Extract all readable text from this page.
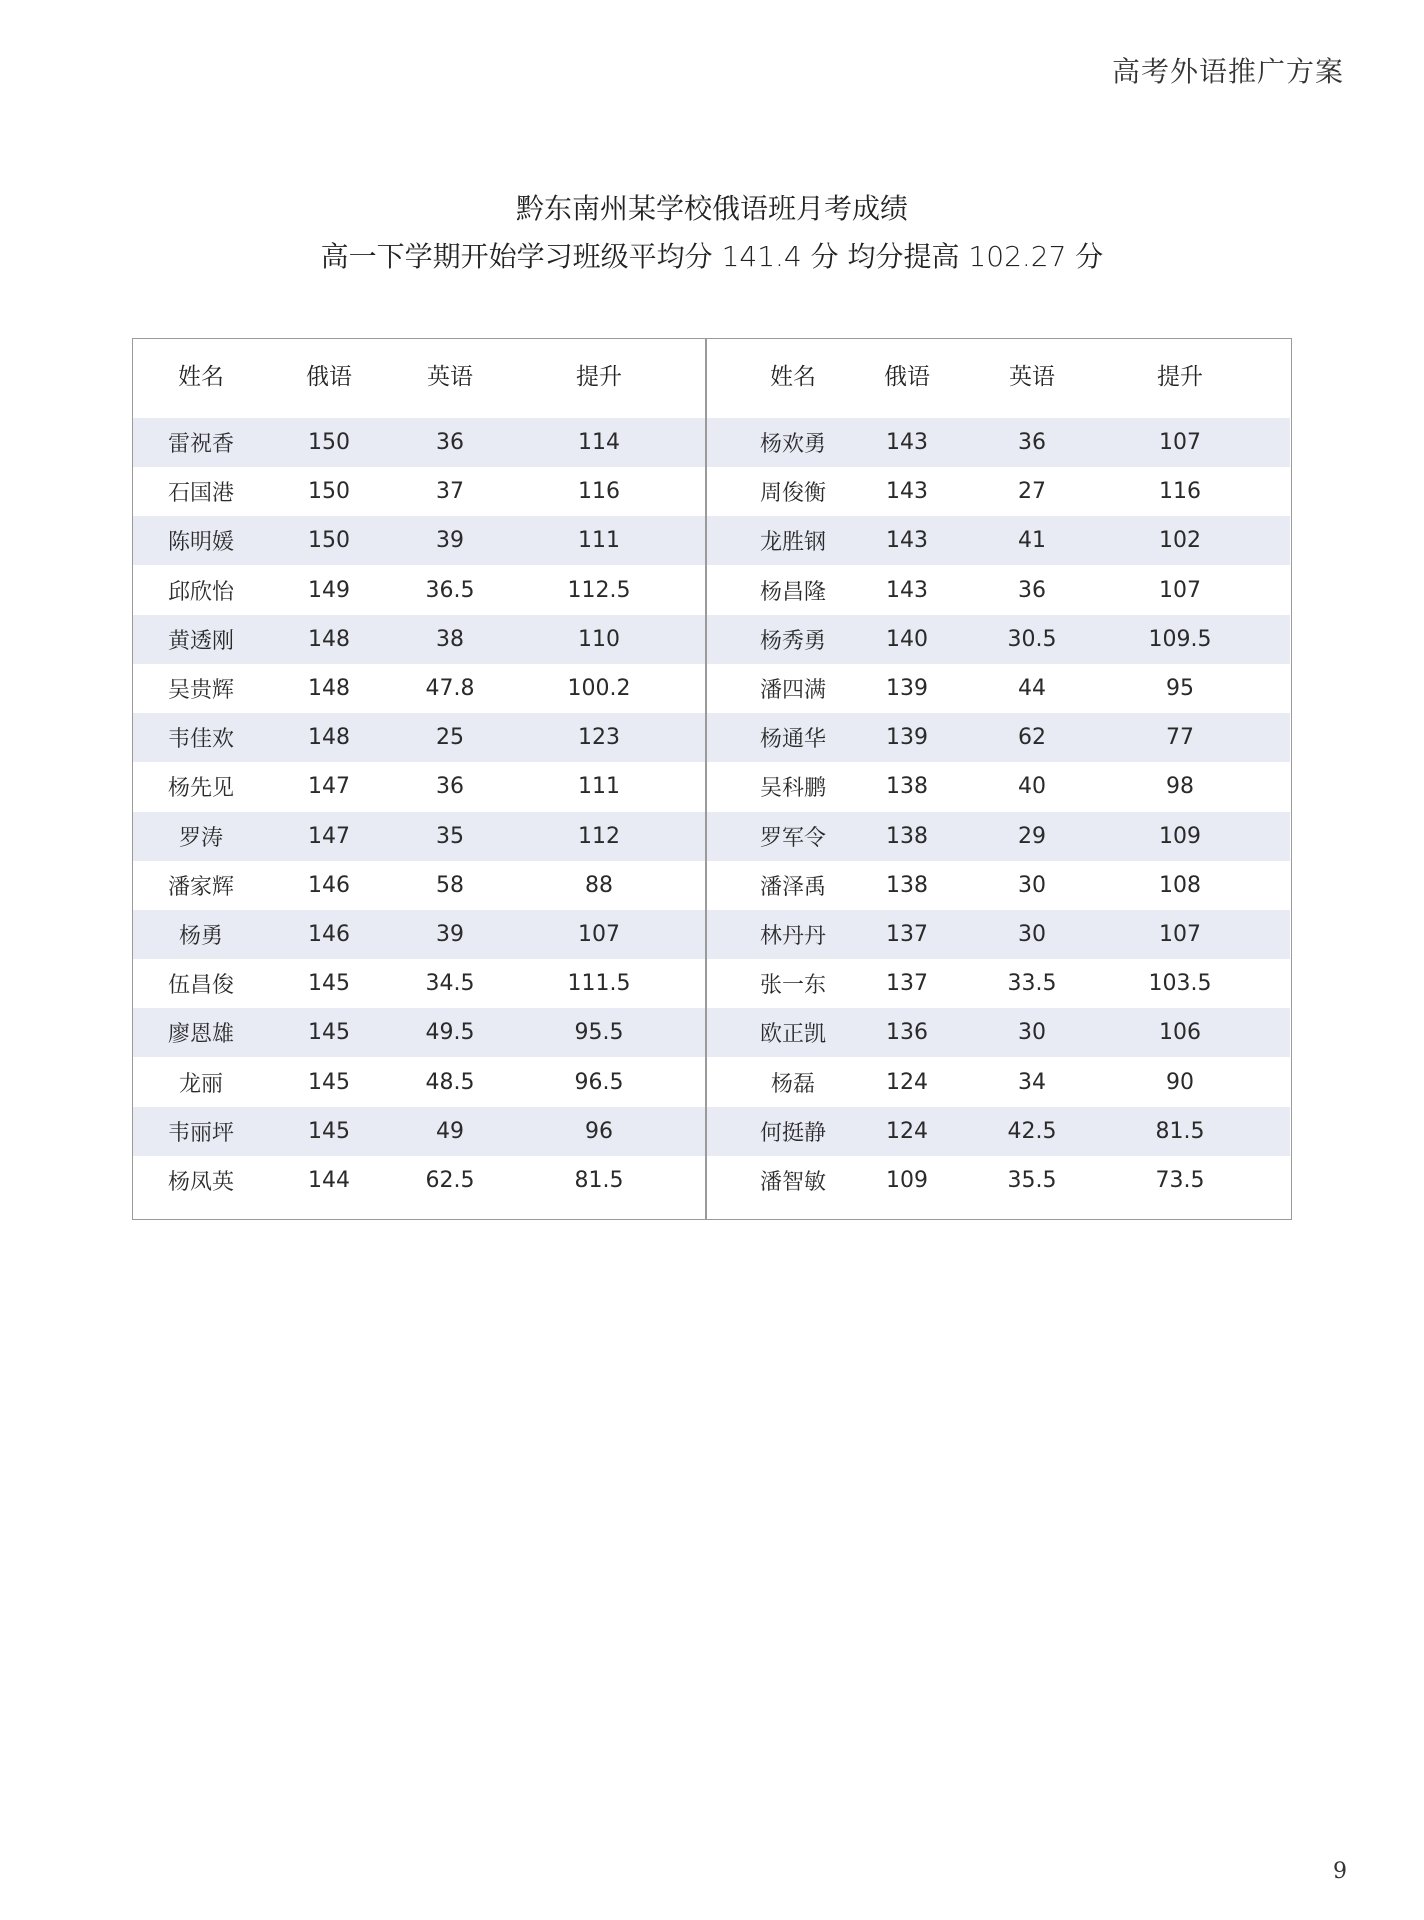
高考外语推广方案
黔东南州某学校俄语班月考成绩
高一下学期开始学习班级平均分 141.4 分 均分提高 102.27 分
姓名	俄语	英语	提升
雷祝香	150	36	114
石国港	150	37	116
陈明媛	150	39	111
邱欣怡	149	36.5	112.5
黄透刚	148	38	110
吴贵辉	148	47.8	100.2
韦佳欢	148	25	123
杨先见	147	36	111
罗涛	147	35	112
潘家辉	146	58	88
杨勇	146	39	107
伍昌俊	145	34.5	111.5
廖恩雄	145	49.5	95.5
龙丽	145	48.5	96.5
韦丽坪	145	49	96
杨凤英	144	62.5	81.5
姓名	俄语	英语	提升
杨欢勇	143	36	107
周俊衡	143	27	116
龙胜钢	143	41	102
杨昌隆	143	36	107
杨秀勇	140	30.5	109.5
潘四满	139	44	95
杨通华	139	62	77
吴科鹏	138	40	98
罗军令	138	29	109
潘泽禹	138	30	108
林丹丹	137	30	107
张一东	137	33.5	103.5
欧正凯	136	30	106
杨磊	124	34	90
何挺静	124	42.5	81.5
潘智敏	109	35.5	73.5
9
